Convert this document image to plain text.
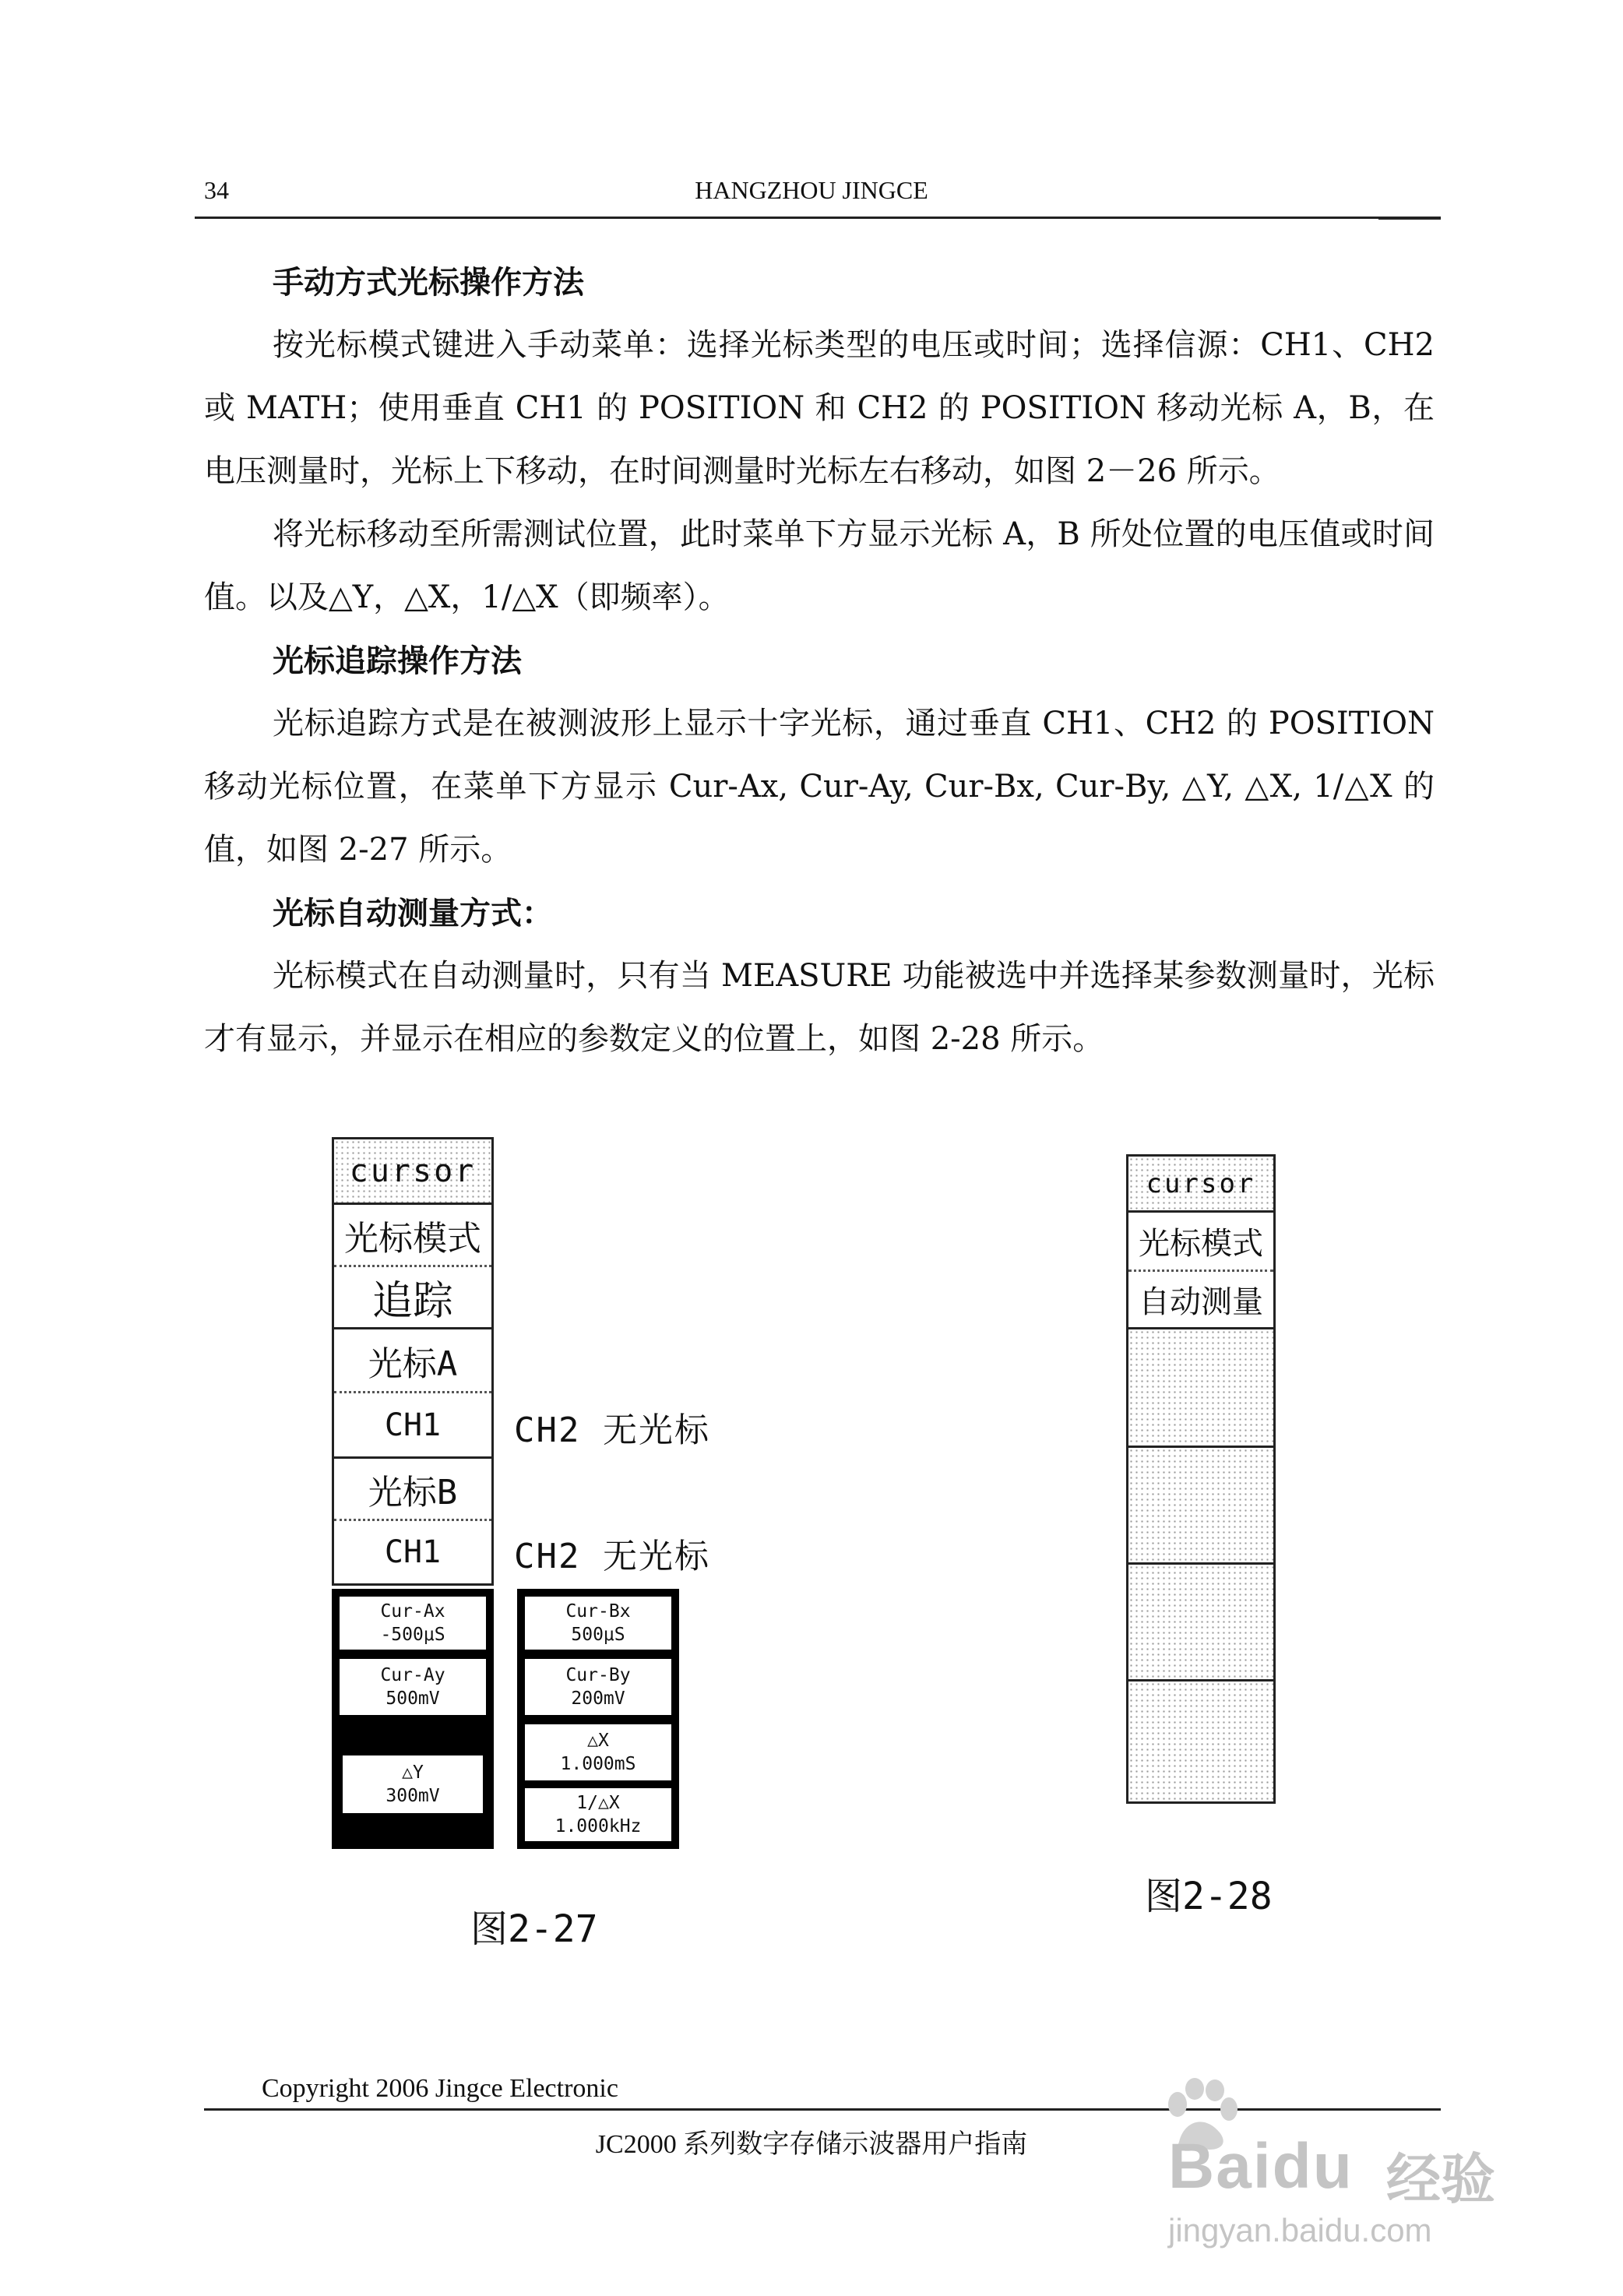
34	HANGZHOU JINGCE

手动方式光标操作方法

按光标模式键进入手动菜单：选择光标类型的电压或时间；选择信源：CH1、CH2 或 MATH；使用垂直 CH1 的 POSITION 和 CH2 的 POSITION 移动光标 A，B，在电压测量时，光标上下移动，在时间测量时光标左右移动，如图 2－26 所示。

将光标移动至所需测试位置，此时菜单下方显示光标 A，B 所处位置的电压值或时间值。以及△Y，△X，1/△X（即频率）。

光标追踪操作方法

光标追踪方式是在被测波形上显示十字光标，通过垂直 CH1、CH2 的 POSITION 移动光标位置，在菜单下方显示 Cur-Ax, Cur-Ay, Cur-Bx, Cur-By, △Y, △X, 1/△X 的值，如图 2-27 所示。

光标自动测量方式：

光标模式在自动测量时，只有当 MEASURE 功能被选中并选择某参数测量时，光标才有显示，并显示在相应的参数定义的位置上，如图 2-28 所示。

cursor
光标模式
追踪
光标A
CH1
光标B
CH1
CH2 无光标
CH2 无光标
Cur-Ax
-500μS
Cur-Ay
500mV
△Y
300mV
Cur-Bx
500μS
Cur-By
200mV
△X
1.000mS
1/△X
1.000kHz
图2-27
cursor
光标模式
自动测量
图2-28
Copyright 2006 Jingce Electronic
JC2000 系列数字存储示波器用户指南	Baidu 经验
jingyan.baidu.com
